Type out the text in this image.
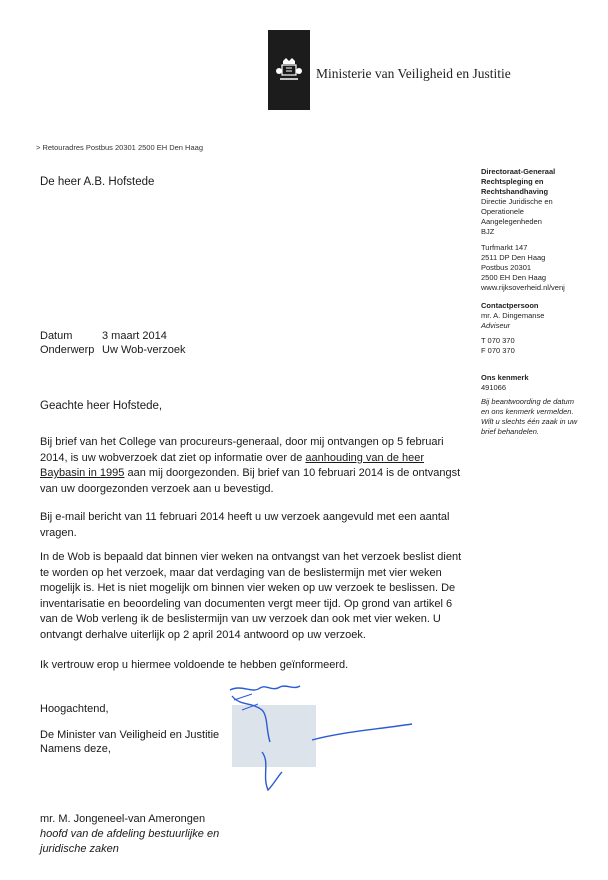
Ministerie van Veiligheid en Justitie
> Retouradres Postbus 20301 2500 EH Den Haag
De heer A.B. Hofstede
Directoraat-Generaal
Rechtspleging en
Rechtshandhaving
Directie Juridische en
Operationele
Aangelegenheden
BJZ
Turfmarkt 147
2511 DP Den Haag
Postbus 20301
2500 EH Den Haag
www.rijksoverheid.nl/venj
Contactpersoon
mr. A. Dingemanse
Adviseur
T 070 370
F 070 370
Ons kenmerk
491066
Bij beantwoording de datum
en ons kenmerk vermelden.
Wilt u slechts één zaak in uw
brief behandelen.
Datum	3 maart 2014
Onderwerp Uw Wob-verzoek
Geachte heer Hofstede,
Bij brief van het College van procureurs-generaal, door mij ontvangen op 5 februari 2014, is uw wobverzoek dat ziet op informatie over de aanhouding van de heer Baybasin in 1995 aan mij doorgezonden. Bij brief van 10 februari 2014 is de ontvangst van uw doorgezonden verzoek aan u bevestigd.
Bij e-mail bericht van 11 februari 2014 heeft u uw verzoek aangevuld met een aantal vragen.
In de Wob is bepaald dat binnen vier weken na ontvangst van het verzoek beslist dient te worden op het verzoek, maar dat verdaging van de beslistermijn met vier weken mogelijk is. Het is niet mogelijk om binnen vier weken op uw verzoek te beslissen. De inventarisatie en beoordeling van documenten vergt meer tijd. Op grond van artikel 6 van de Wob verleng ik de beslistermijn van uw verzoek dan ook met vier weken. U ontvangt derhalve uiterlijk op 2 april 2014 antwoord op uw verzoek.
Ik vertrouw erop u hiermee voldoende te hebben geïnformeerd.
Hoogachtend,
De Minister van Veiligheid en Justitie
Namens deze,
mr. M. Jongeneel-van Amerongen
hoofd van de afdeling bestuurlijke en
juridische zaken
